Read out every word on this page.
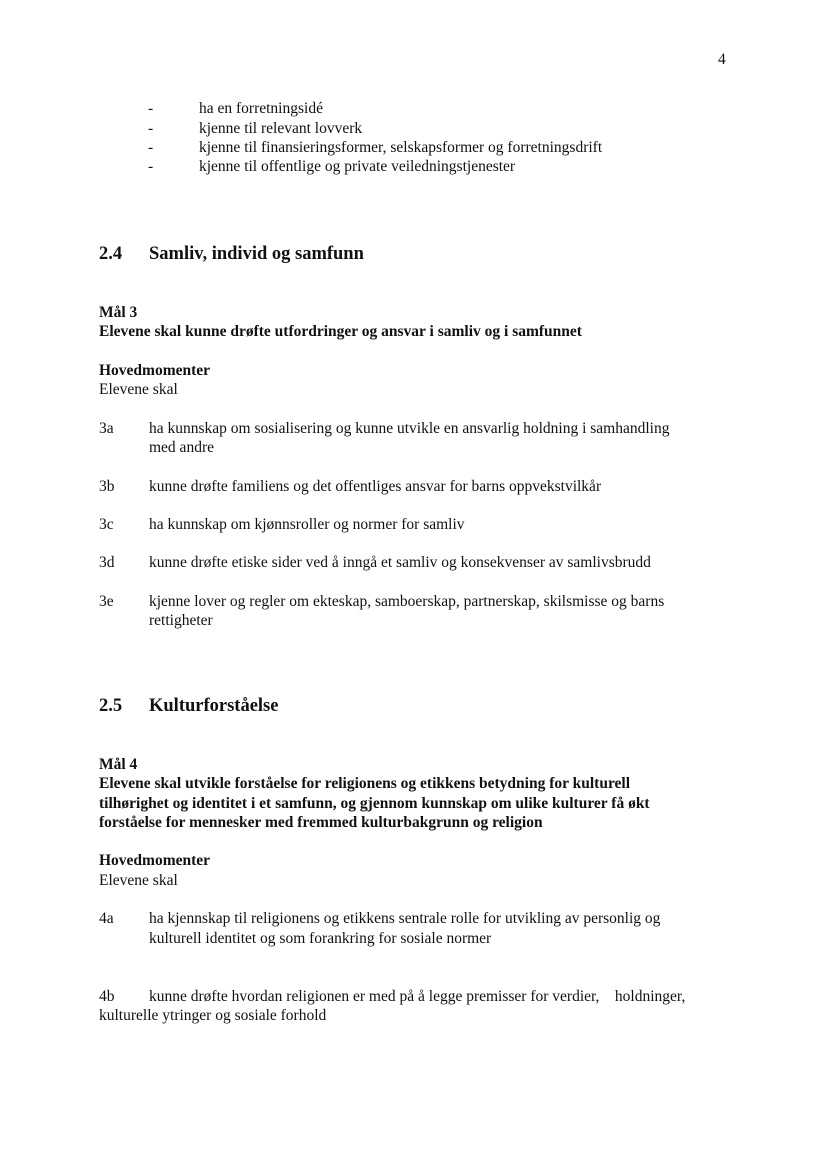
4
-	ha en forretningsidé
-	kjenne til relevant lovverk
-	kjenne til finansieringsformer, selskapsformer og forretningsdrift
-	kjenne til offentlige og private veiledningstjenester
2.4 Samliv, individ og samfunn
Mål 3
Elevene skal kunne drøfte utfordringer og ansvar i samliv og i samfunnet
Hovedmomenter
Elevene skal
3a ha kunnskap om sosialisering og kunne utvikle en ansvarlig holdning i samhandling
med andre
3b kunne drøfte familiens og det offentliges ansvar for barns oppvekstvilkår
3c ha kunnskap om kjønnsroller og normer for samliv
3d kunne drøfte etiske sider ved å inngå et samliv og konsekvenser av samlivsbrudd
3e kjenne lover og regler om ekteskap, samboerskap, partnerskap, skilsmisse og barns
rettigheter
2.5 Kulturforståelse
Mål 4
Elevene skal utvikle forståelse for religionens og etikkens betydning for kulturell
tilhørighet og identitet i et samfunn, og gjennom kunnskap om ulike kulturer få økt
forståelse for mennesker med fremmed kulturbakgrunn og religion
Hovedmomenter
Elevene skal
4a ha kjennskap til religionens og etikkens sentrale rolle for utvikling av personlig og
kulturell identitet og som forankring for sosiale normer
4b kunne drøfte hvordan religionen er med på å legge premisser for verdier,    holdninger,
kulturelle ytringer og sosiale forhold
